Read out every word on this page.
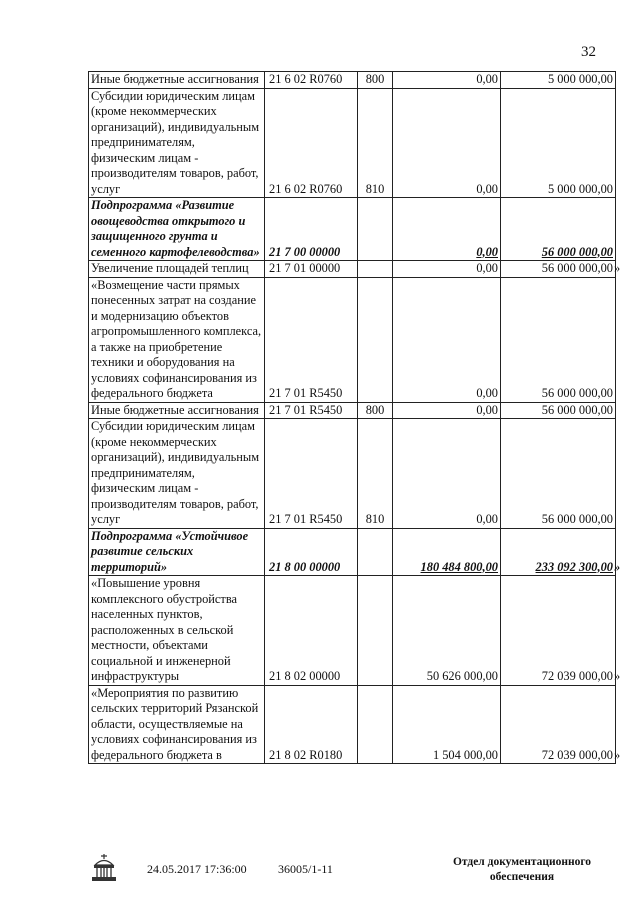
32
Иные бюджетные ассигнования	21 6 02 R0760	800	0,00	5 000 000,00
Субсидии юридическим лицам (кроме некоммерческих организаций), индивидуальным предпринимателям, физическим лицам - производителям товаров, работ, услуг	21 6 02 R0760	810	0,00	5 000 000,00
Подпрограмма «Развитие овощеводства открытого и защищенного грунта и семенного картофелеводства»	21 7 00 00000		0,00	56 000 000,00
Увеличение площадей теплиц	21 7 01 00000		0,00	56 000 000,00 »

«Возмещение части прямых понесенных затрат на создание и модернизацию объектов агропромышленного комплекса, а также на приобретение техники и оборудования на условиях софинансирования из федерального бюджета	21 7 01 R5450		0,00	56 000 000,00
Иные бюджетные ассигнования	21 7 01 R5450	800	0,00	56 000 000,00
Субсидии юридическим лицам (кроме некоммерческих организаций), индивидуальным предпринимателям, физическим лицам - производителям товаров, работ, услуг	21 7 01 R5450	810	0,00	56 000 000,00
Подпрограмма «Устойчивое развитие сельских территорий»	21 8 00 00000		180 484 800,00	233 092 300,00 »

«Повышение уровня комплексного обустройства населенных пунктов, расположенных в сельской местности, объектами социальной и инженерной инфраструктуры	21 8 02 00000		50 626 000,00	72 039 000,00 »

«Мероприятия по развитию сельских территорий Рязанской области, осуществляемые на условиях софинансирования из федерального бюджета в	21 8 02 R0180		1 504 000,00	72 039 000,00 »
24.05.2017 17:36:00	36005/1-11	Отдел документационного обеспечения
